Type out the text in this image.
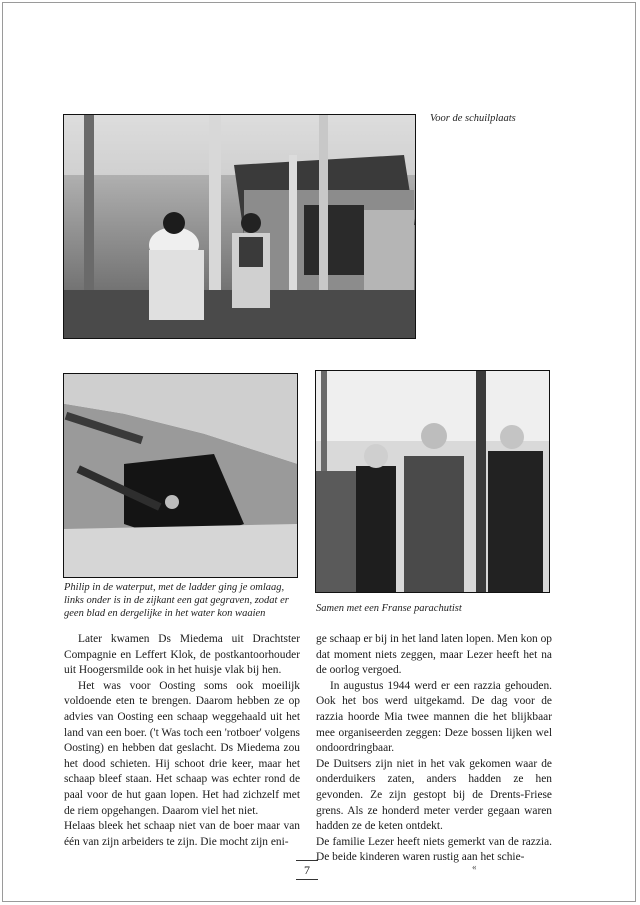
Voor de schuilplaats
Philip in de waterput, met de ladder ging je omlaag, links onder is in de zijkant een gat gegraven, zodat er geen blad en dergelijke in het water kon waaien	Samen met een Franse parachutist

Later kwamen Ds Miedema uit Drachtster Compagnie en Leffert Klok, de postkantoorhouder uit Hoogersmilde ook in het huisje vlak bij hen.

Het was voor Oosting soms ook moeilijk voldoende eten te brengen. Daarom hebben ze op advies van Oosting een schaap weggehaald uit het land van een boer. ('t Was toch een 'rotboer' volgens Oosting) en hebben dat geslacht. Ds Miedema zou het dood schieten. Hij schoot drie keer, maar het schaap bleef staan. Het schaap was echter rond de paal voor de hut gaan lopen. Het had zichzelf met de riem opgehangen. Daarom viel het niet.

Helaas bleek het schaap niet van de boer maar van één van zijn arbeiders te zijn. Die mocht zijn eni-

ge schaap er bij in het land laten lopen. Men kon op dat moment niets zeggen, maar Lezer heeft het na de oorlog vergoed.

In augustus 1944 werd er een razzia gehouden. Ook het bos werd uitgekamd. De dag voor de razzia hoorde Mia twee mannen die het blijkbaar mee organiseerden zeggen: Deze bossen lijken wel ondoordringbaar.

De Duitsers zijn niet in het vak gekomen waar de onderduikers zaten, anders hadden ze hen gevonden. Ze zijn gestopt bij de Drents-Friese grens. Als ze honderd meter verder gegaan waren hadden ze de keten ontdekt.

De familie Lezer heeft niets gemerkt van de razzia. De beide kinderen waren rustig aan het schie-

7	«
